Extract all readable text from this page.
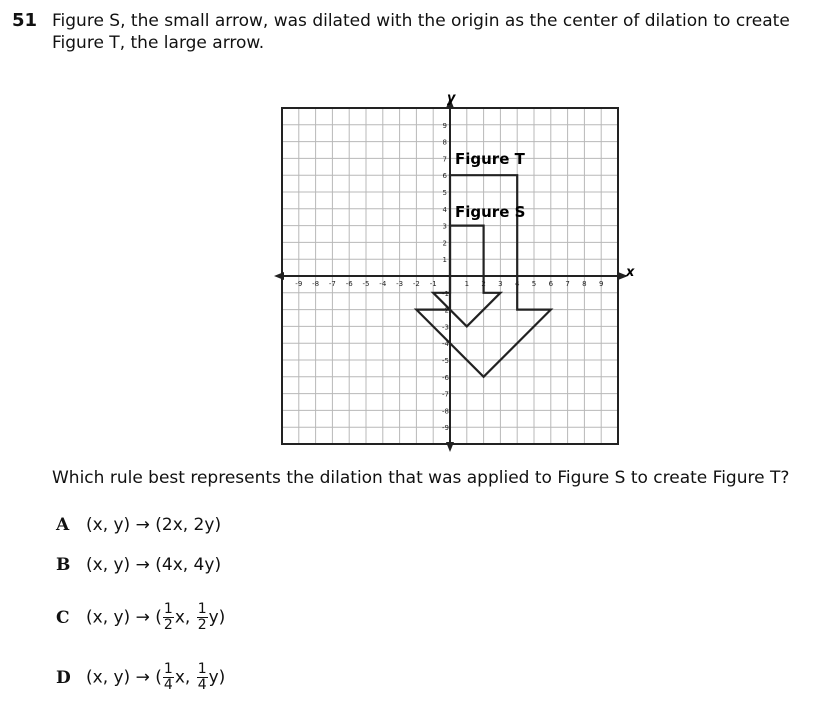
51 Figure S, the small arrow, was dilated with the origin as the center of dilation to create Figure T, the large arrow.
-9 -8 -7 -6 -5 -4 -3 -2 -1	1 2 3 4 5 6 7 8 9
1
2
3
4
5
6
7
8
9
-1
-2
-3
-4
-5
-6
-7
-8
-9
y
x
Figure T
Figure S
Which rule best represents the dilation that was applied to Figure S to create Figure T?
A (x, y) → (2x, 2y)
B (x, y) → (4x, 4y)
C (x, y) → ( $\frac{1}{2} x$, $\frac{1}{2} y$)
D (x, y) → ( $\frac{1}{4} x$, $\frac{1}{4} y$)
